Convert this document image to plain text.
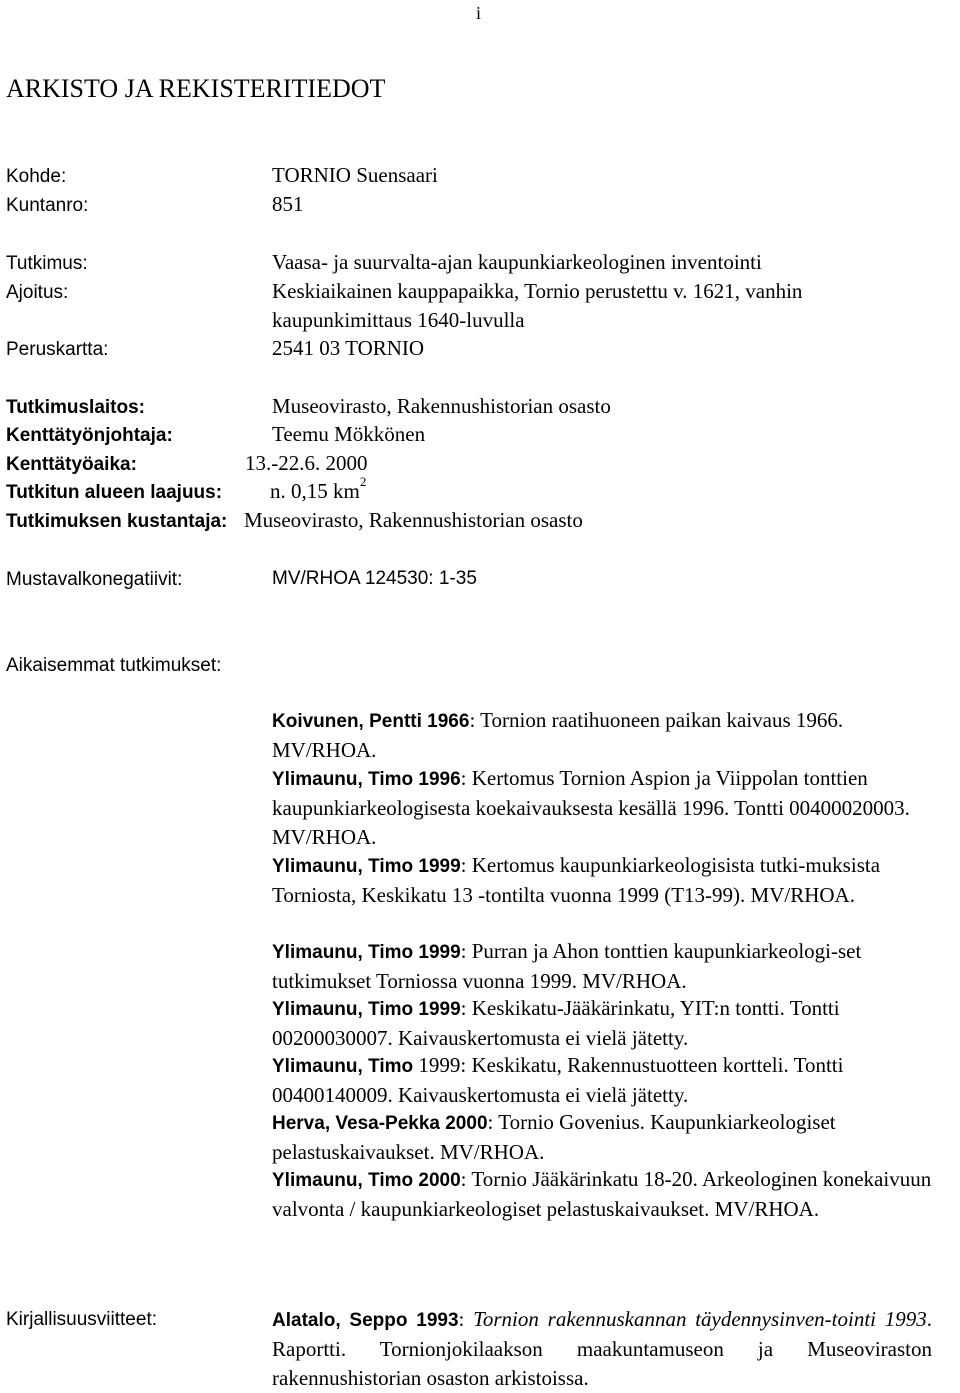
i
ARKISTO JA REKISTERITIEDOT
Kohde:	TORNIO Suensaari
Kuntanro:	851
Tutkimus:	Vaasa- ja suurvalta-ajan kaupunkiarkeologinen inventointi
Ajoitus:	Keskiaikainen kauppapaikka, Tornio perustettu v. 1621, vanhin
kaupunkimittaus 1640-luvulla
Peruskartta:	2541 03 TORNIO
Tutkimuslaitos:	Museovirasto, Rakennushistorian osasto
Kenttätyönjohtaja:	Teemu Mökkönen
Kenttätyöaika:	13.-22.6. 2000
Tutkitun alueen laajuus: n. 0,15 $km^2$
Tutkimuksen kustantaja: Museovirasto, Rakennushistorian osasto
Mustavalkonegatiivit:	MV/RHOA 124530: 1-35
Aikaisemmat tutkimukset:
Koivunen, Pentti 1966: Tornion raatihuoneen paikan kaivaus 1966. MV/RHOA.
Ylimaunu, Timo 1996: Kertomus Tornion Aspion ja Viippolan tonttien kaupunkiarkeologisesta koekaivauksesta kesällä 1996. Tontti 00400020003. MV/RHOA.
Ylimaunu, Timo 1999: Kertomus kaupunkiarkeologisista tutki-muksista Torniosta, Keskikatu 13 -tontilta vuonna 1999 (T13-99). MV/RHOA.
Ylimaunu, Timo 1999: Purran ja Ahon tonttien kaupunkiarkeologi-set tutkimukset Torniossa vuonna 1999. MV/RHOA.
Ylimaunu, Timo 1999: Keskikatu-Jääkärinkatu, YIT:n tontti. Tontti 00200030007. Kaivauskertomusta ei vielä jätetty.
Ylimaunu, Timo 1999: Keskikatu, Rakennustuotteen kortteli. Tontti 00400140009. Kaivauskertomusta ei vielä jätetty.
Herva, Vesa-Pekka 2000: Tornio Govenius. Kaupunkiarkeologiset pelastuskaivaukset. MV/RHOA.
Ylimaunu, Timo 2000: Tornio Jääkärinkatu 18-20. Arkeologinen konekaivuun valvonta / kaupunkiarkeologiset pelastuskaivaukset. MV/RHOA.
Kirjallisuusviitteet:	Alatalo, Seppo 1993: Tornion rakennuskannan täydennysinven-tointi 1993. Raportti. Tornionjokilaakson maakuntamuseon ja Museoviraston rakennushistorian osaston arkistoissa.
